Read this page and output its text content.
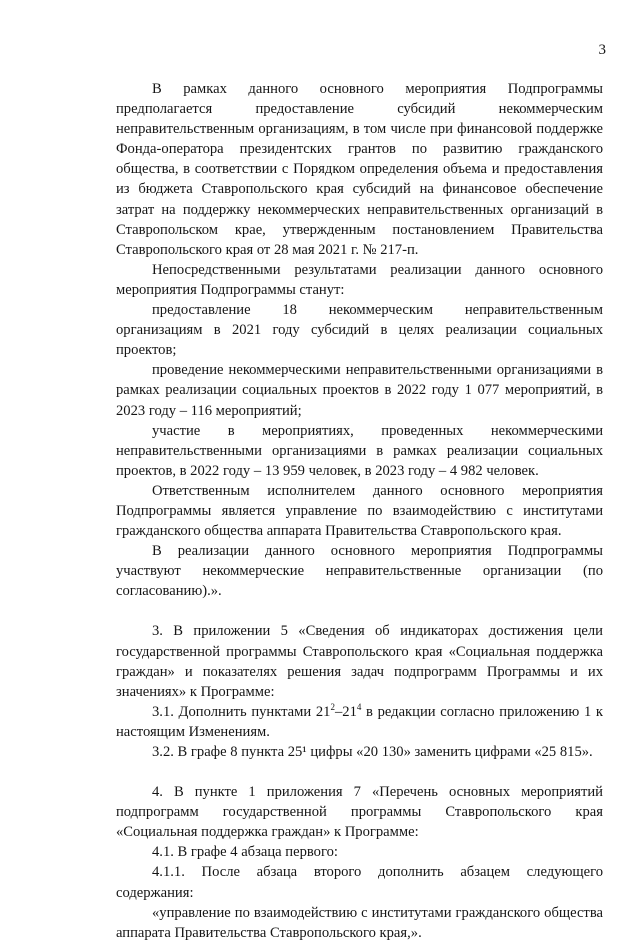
3

В рамках данного основного мероприятия Подпрограммы предполагается предоставление субсидий некоммерческим неправительственным организациям, в том числе при финансовой поддержке Фонда-оператора президентских грантов по развитию гражданского общества, в соответствии с Порядком определения объема и предоставления из бюджета Ставропольского края субсидий на финансовое обеспечение затрат на поддержку некоммерческих неправительственных организаций в Ставропольском крае, утвержденным постановлением Правительства Ставропольского края от 28 мая 2021 г. № 217-п.

Непосредственными результатами реализации данного основного мероприятия Подпрограммы станут:

предоставление 18 некоммерческим неправительственным организациям в 2021 году субсидий в целях реализации социальных проектов;

проведение некоммерческими неправительственными организациями в рамках реализации социальных проектов в 2022 году 1 077 мероприятий, в 2023 году – 116 мероприятий;

участие в мероприятиях, проведенных некоммерческими неправительственными организациями в рамках реализации социальных проектов, в 2022 году – 13 959 человек, в 2023 году – 4 982 человек.

Ответственным исполнителем данного основного мероприятия Подпрограммы является управление по взаимодействию с институтами гражданского общества аппарата Правительства Ставропольского края.

В реализации данного основного мероприятия Подпрограммы участвуют некоммерческие неправительственные организации (по согласованию).».

3. В приложении 5 «Сведения об индикаторах достижения цели государственной программы Ставропольского края «Социальная поддержка граждан» и показателях решения задач подпрограмм Программы и их значениях» к Программе:

3.1. Дополнить пунктами $21^2-21^4$ в редакции согласно приложению 1 к настоящим Изменениям.

3.2. В графе 8 пункта 25¹ цифры «20 130» заменить цифрами «25 815».

4. В пункте 1 приложения 7 «Перечень основных мероприятий подпрограмм государственной программы Ставропольского края «Социальная поддержка граждан» к Программе:

4.1. В графе 4 абзаца первого:

4.1.1. После абзаца второго дополнить абзацем следующего содержания:

«управление по взаимодействию с институтами гражданского общества аппарата Правительства Ставропольского края,».
